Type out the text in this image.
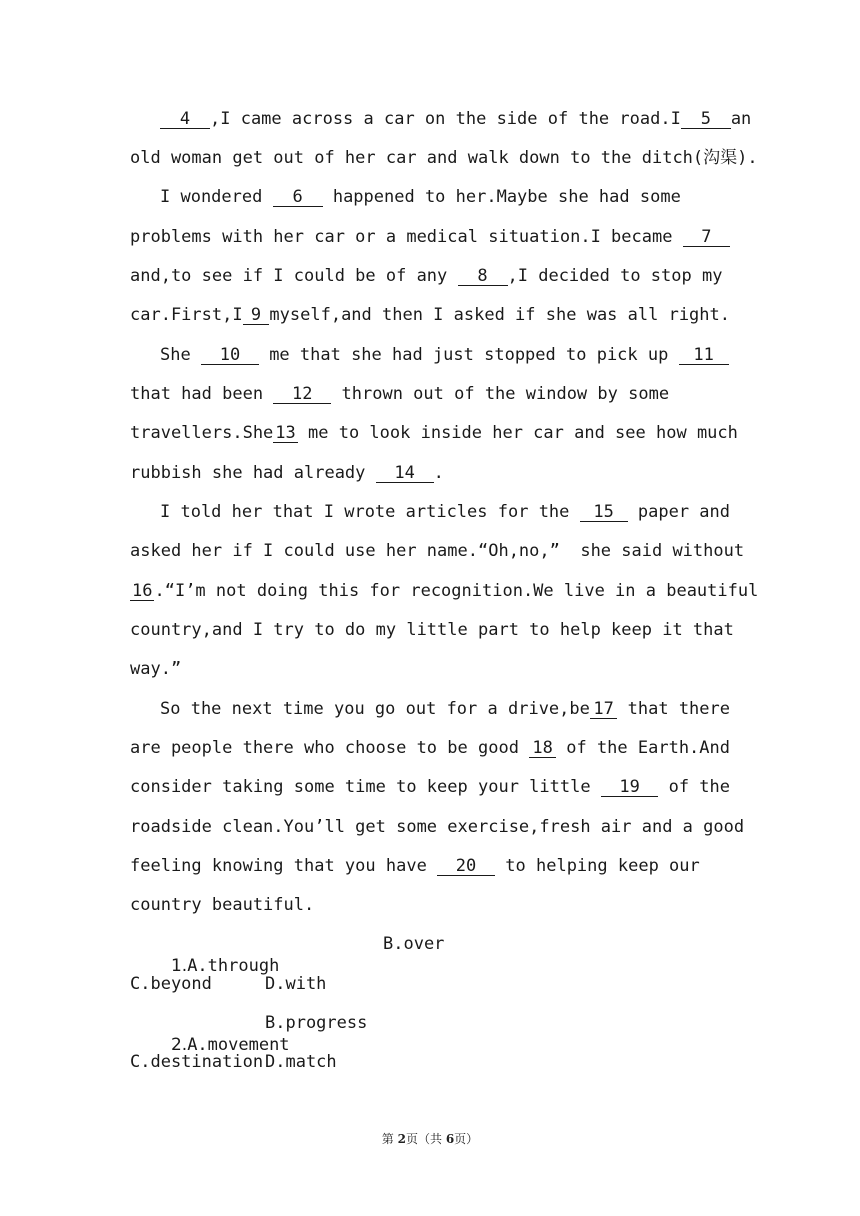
4 ,I came across a car on the side of the road.I 5	an
old woman get out of her car and walk down to the ditch(沟渠).
I wondered	6	happened to her.Maybe she had some
problems with her car or a medical situation.I became	7
and,to see if I could be of any	8	,I decided to stop my
car.First,I 9 myself,and then I asked if she was all right.
She	10	me that she had just stopped to pick up 11
that had been	12	thrown out of the window by some
travellers.She 13 me to look inside her car and see how much
rubbish she had already	14	.
I told her that I wrote articles for the 15 paper and
asked her if I could use her name.“Oh,no,”  she said without
16 .“I’m not doing this for recognition.We live in a beautiful
country,and I try to do my little part to help keep it that
way.”
So the next time you go out for a drive,be 17 that there
are people there who choose to be good 18 of the Earth.And
consider taking some time to keep your little	19	of the
roadside clean.You’ll get some exercise,fresh air and a good
feeling knowing that you have	20	to helping keep our
country beautiful.

1.A.through

B.over
C.beyond	D.with

2.A.movement

B.progress
C.destination D.match
第 2页（共 6页）
